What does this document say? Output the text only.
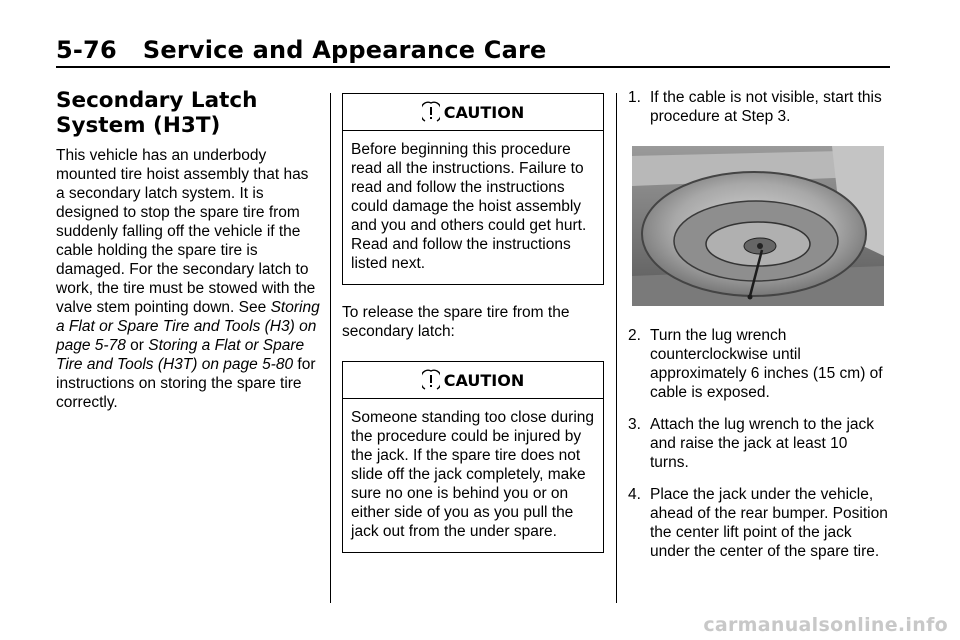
5-76 Service and Appearance Care
Secondary Latch
System (H3T)

This vehicle has an underbody mounted tire hoist assembly that has a secondary latch system. It is designed to stop the spare tire from suddenly falling off the vehicle if the cable holding the spare tire is damaged. For the secondary latch to work, the tire must be stowed with the valve stem pointing down. See Storing a Flat or Spare Tire and Tools (H3) on page 5-78 or Storing a Flat or Spare Tire and Tools (H3T) on page 5-80 for instructions on storing the spare tire correctly.

CAUTION
Before beginning this procedure read all the instructions. Failure to read and follow the instructions could damage the hoist assembly and you and others could get hurt. Read and follow the instructions listed next.

To release the spare tire from the secondary latch:

CAUTION
Someone standing too close during the procedure could be injured by the jack. If the spare tire does not slide off the jack completely, make sure no one is behind you or on either side of you as you pull the jack out from the under spare.
1. If the cable is not visible, start this procedure at Step 3.
2. Turn the lug wrench counterclockwise until approximately 6 inches (15 cm) of cable is exposed.
3. Attach the lug wrench to the jack and raise the jack at least 10 turns.
4. Place the jack under the vehicle, ahead of the rear bumper. Position the center lift point of the jack under the center of the spare tire.
carmanualsonline.info
